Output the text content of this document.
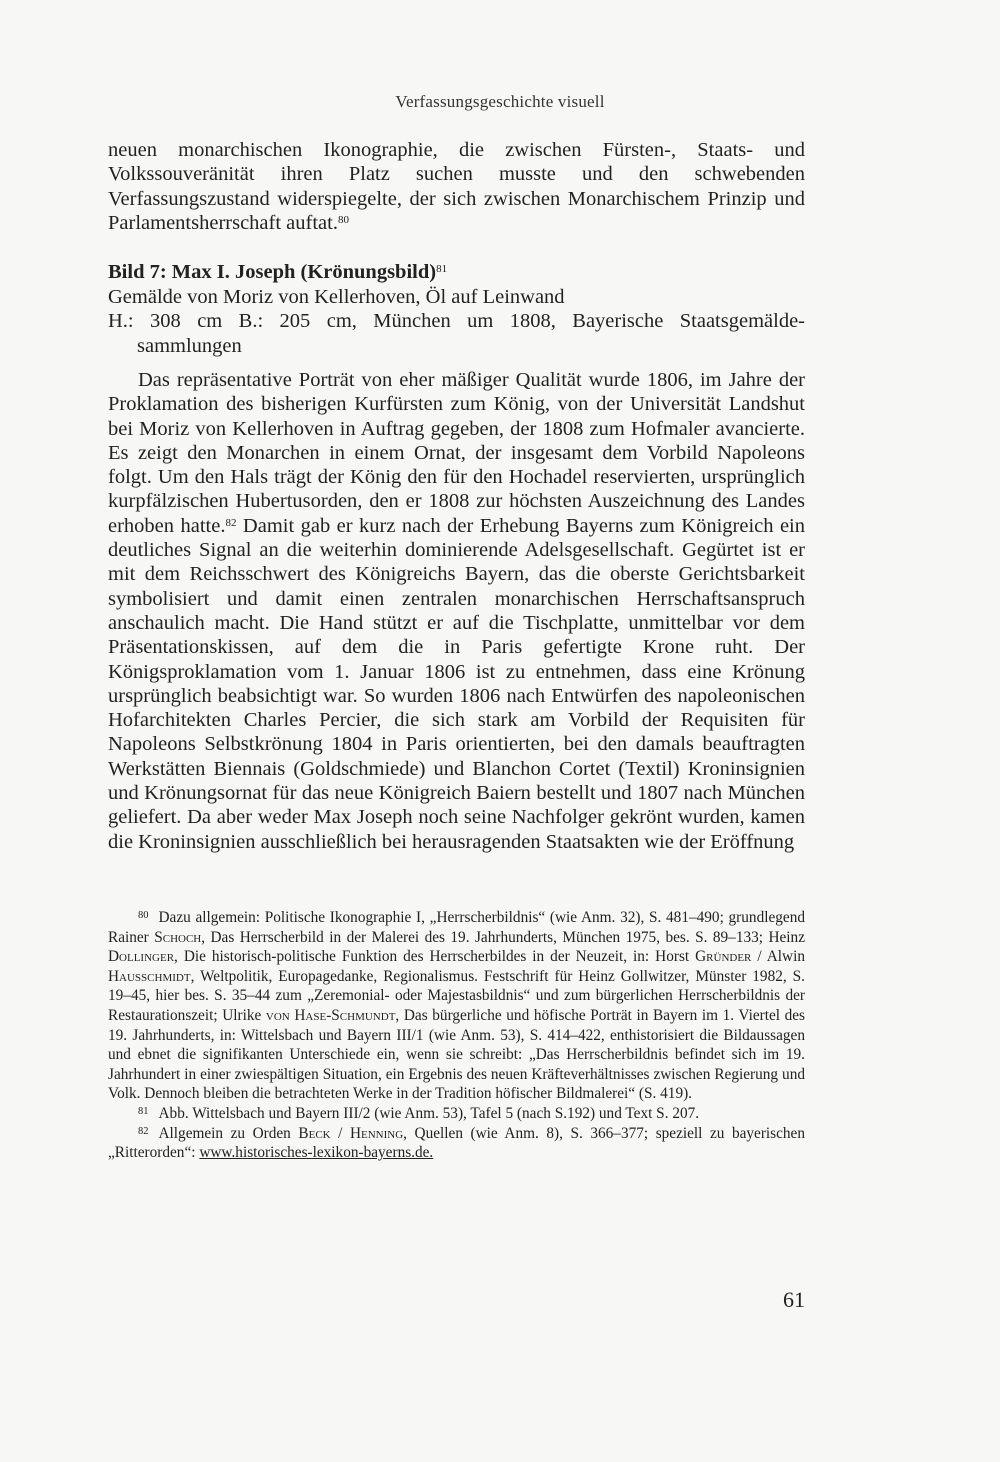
Verfassungsgeschichte visuell
neuen monarchischen Ikonographie, die zwischen Fürsten-, Staats- und Volkssouveränität ihren Platz suchen musste und den schwebenden Verfassungszustand widerspiegelte, der sich zwischen Monarchischem Prinzip und Parlamentsherrschaft auftat.$^{80}$
Bild 7: Max I. Joseph (Krönungsbild)$^{81}$
Gemälde von Moriz von Kellerhoven, Öl auf Leinwand
H.: 308 cm B.: 205 cm, München um 1808, Bayerische Staatsgemälde-
sammlungen
Das repräsentative Porträt von eher mäßiger Qualität wurde 1806, im Jahre der Proklamation des bisherigen Kurfürsten zum König, von der Universität Landshut bei Moriz von Kellerhoven in Auftrag gegeben, der 1808 zum Hofmaler avancierte. Es zeigt den Monarchen in einem Ornat, der insgesamt dem Vorbild Napoleons folgt. Um den Hals trägt der König den für den Hochadel reservierten, ursprünglich kurpfälzischen Hubertusorden, den er 1808 zur höchsten Auszeichnung des Landes erhoben hatte.$^{82}$ Damit gab er kurz nach der Erhebung Bayerns zum Königreich ein deutliches Signal an die weiterhin dominierende Adelsgesellschaft. Gegürtet ist er mit dem Reichsschwert des Königreichs Bayern, das die oberste Gerichtsbarkeit symbolisiert und damit einen zentralen monarchischen Herrschaftsanspruch anschaulich macht. Die Hand stützt er auf die Tischplatte, unmittelbar vor dem Präsentationskissen, auf dem die in Paris gefertigte Krone ruht. Der Königsproklamation vom 1. Januar 1806 ist zu entnehmen, dass eine Krönung ursprünglich beabsichtigt war. So wurden 1806 nach Entwürfen des napoleonischen Hofarchitekten Charles Percier, die sich stark am Vorbild der Requisiten für Napoleons Selbstkrönung 1804 in Paris orientierten, bei den damals beauftragten Werkstätten Biennais (Goldschmiede) und Blanchon Cortet (Textil) Kroninsignien und Krönungsornat für das neue Königreich Baiern bestellt und 1807 nach München geliefert. Da aber weder Max Joseph noch seine Nachfolger gekrönt wurden, kamen die Kroninsignien ausschließlich bei herausragenden Staatsakten wie der Eröffnung

$^{80}$ Dazu allgemein: Politische Ikonographie I, „Herrscherbildnis“ (wie Anm. 32), S. 481–490; grundlegend Rainer Schoch, Das Herrscherbild in der Malerei des 19. Jahrhunderts, München 1975, bes. S. 89–133; Heinz Dollinger, Die historisch-politische Funktion des Herrscherbildes in der Neuzeit, in: Horst Gründer / Alwin Hausschmidt, Weltpolitik, Europagedanke, Regionalismus. Festschrift für Heinz Gollwitzer, Münster 1982, S. 19–45, hier bes. S. 35–44 zum „Zeremonial- oder Majestasbildnis“ und zum bürgerlichen Herrscherbildnis der Restaurationszeit; Ulrike von Hase-Schmundt, Das bürgerliche und höfische Porträt in Bayern im 1. Viertel des 19. Jahrhunderts, in: Wittelsbach und Bayern III/1 (wie Anm. 53), S. 414–422, enthistorisiert die Bildaussagen und ebnet die signifikanten Unterschiede ein, wenn sie schreibt: „Das Herrscherbildnis befindet sich im 19. Jahrhundert in einer zwiespältigen Situation, ein Ergebnis des neuen Kräfteverhältnisses zwischen Regierung und Volk. Dennoch bleiben die betrachteten Werke in der Tradition höfischer Bildmalerei“ (S. 419).

$^{81}$ Abb. Wittelsbach und Bayern III/2 (wie Anm. 53), Tafel 5 (nach S.192) und Text S. 207.

$^{82}$ Allgemein zu Orden Beck / Henning, Quellen (wie Anm. 8), S. 366–377; speziell zu bayerischen „Ritterorden“: www.historisches-lexikon-bayerns.de.

61
